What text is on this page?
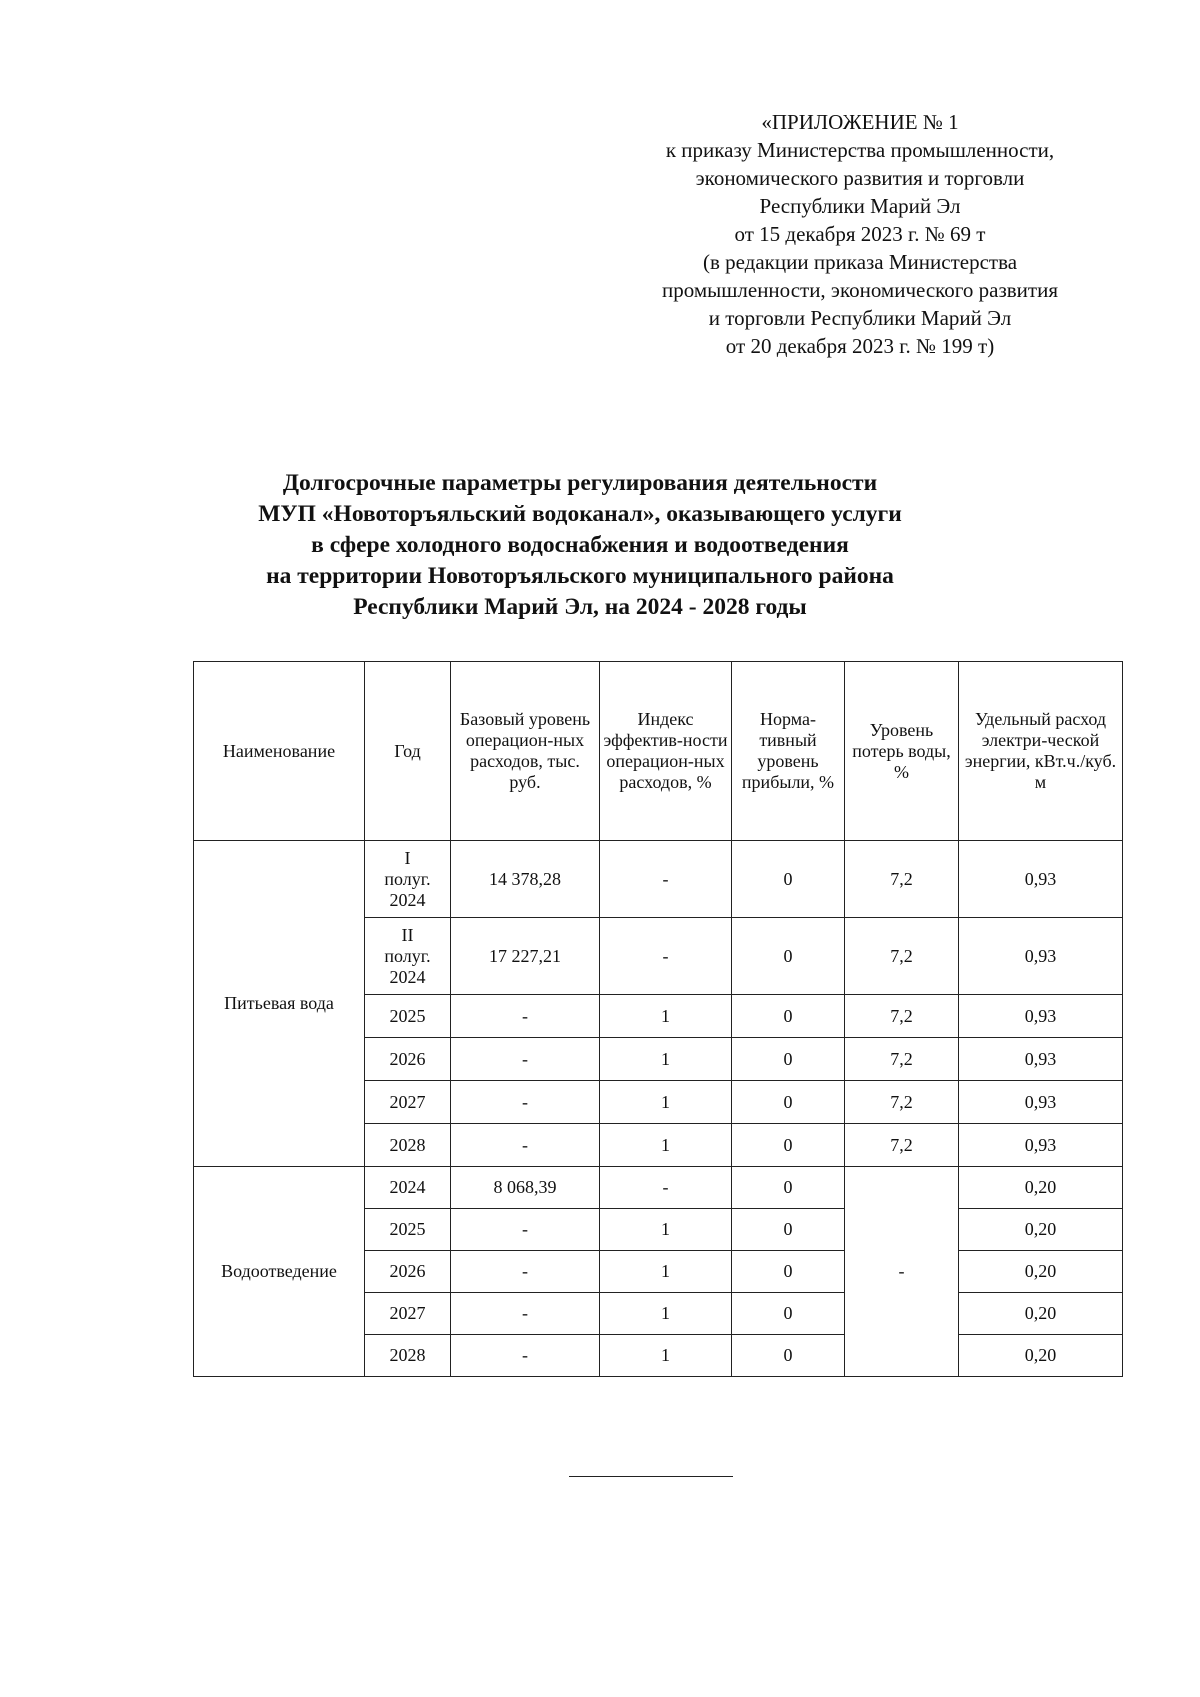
«ПРИЛОЖЕНИЕ № 1
к приказу Министерства промышленности,
экономического развития и торговли
Республики Марий Эл
от 15 декабря 2023 г. № 69 т
(в редакции приказа Министерства
промышленности, экономического развития
и торговли Республики Марий Эл
от 20 декабря 2023 г. № 199 т)
Долгосрочные параметры регулирования деятельности
МУП «Новоторъяльский водоканал», оказывающего услуги
в сфере холодного водоснабжения и водоотведения
на территории Новоторъяльского муниципального района
Республики Марий Эл, на 2024 - 2028 годы
Наименование	Год	Базовый уровень операцион-ных расходов, тыс. руб.	Индекс эффектив-ности операцион-ных расходов, %	Норма-тивный уровень прибыли, %	Уровень потерь воды, %	Удельный расход электри-ческой энергии, кВт.ч./куб. м
Питьевая вода	I
полуг.
2024	14 378,28	-	0	7,2	0,93

	II
полуг.
2024	17 227,21	-	0	7,2	0,93
	2025	-	1	0	7,2	0,93
	2026	-	1	0	7,2	0,93
	2027	-	1	0	7,2	0,93
	2028	-	1	0	7,2	0,93
Водоотведение	2024	8 068,39	-	0	-	0,20
	2025	-	1	0		0,20
	2026	-	1	0		0,20
	2027	-	1	0		0,20
	2028	-	1	0		0,20
